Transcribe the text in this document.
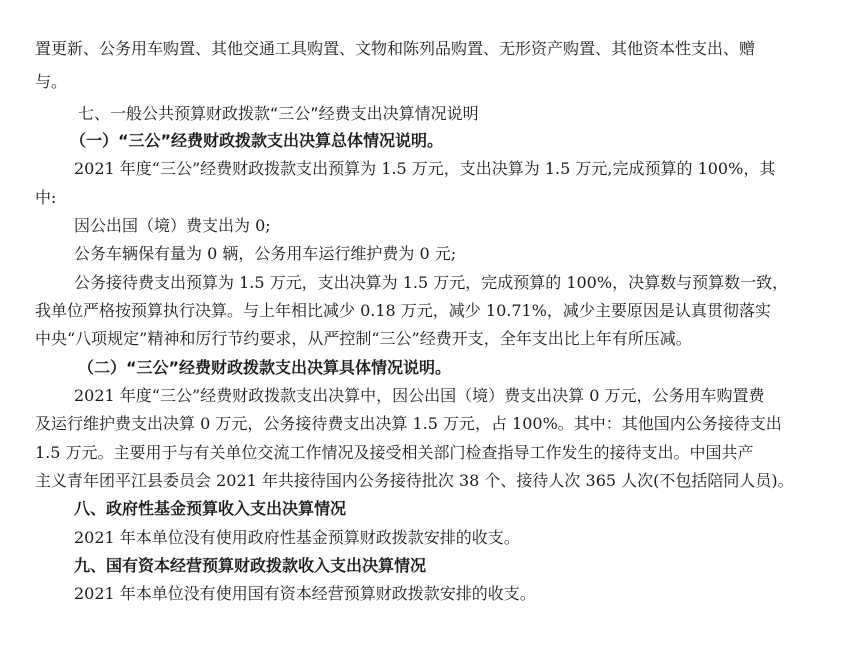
置更新、公务用车购置、其他交通工具购置、文物和陈列品购置、无形资产购置、其他资本性支出、赠
与。
七、一般公共预算财政拨款“三公”经费支出决算情况说明
（一）“三公”经费财政拨款支出决算总体情况说明。
2021 年度“三公”经费财政拨款支出预算为 1.5 万元，支出决算为 1.5 万元,完成预算的 100%，其
中:
因公出国（境）费支出为 0;
公务车辆保有量为 0 辆，公务用车运行维护费为 0 元;
公务接待费支出预算为 1.5 万元，支出决算为 1.5 万元，完成预算的 100%，决算数与预算数一致，
我单位严格按预算执行决算。与上年相比减少 0.18 万元，减少 10.71%，减少主要原因是认真贯彻落实
中央“八项规定”精神和厉行节约要求，从严控制“三公”经费开支，全年支出比上年有所压减。
（二）“三公”经费财政拨款支出决算具体情况说明。
2021 年度“三公”经费财政拨款支出决算中，因公出国（境）费支出决算 0 万元，公务用车购置费
及运行维护费支出决算 0 万元，公务接待费支出决算 1.5 万元，占 100%。其中：其他国内公务接待支出
1.5 万元。主要用于与有关单位交流工作情况及接受相关部门检查指导工作发生的接待支出。中国共产
主义青年团平江县委员会 2021 年共接待国内公务接待批次 38 个、接待人次 365 人次(不包括陪同人员)。
八、政府性基金预算收入支出决算情况
2021 年本单位没有使用政府性基金预算财政拨款安排的收支。
九、国有资本经营预算财政拨款收入支出决算情况
2021 年本单位没有使用国有资本经营预算财政拨款安排的收支。
